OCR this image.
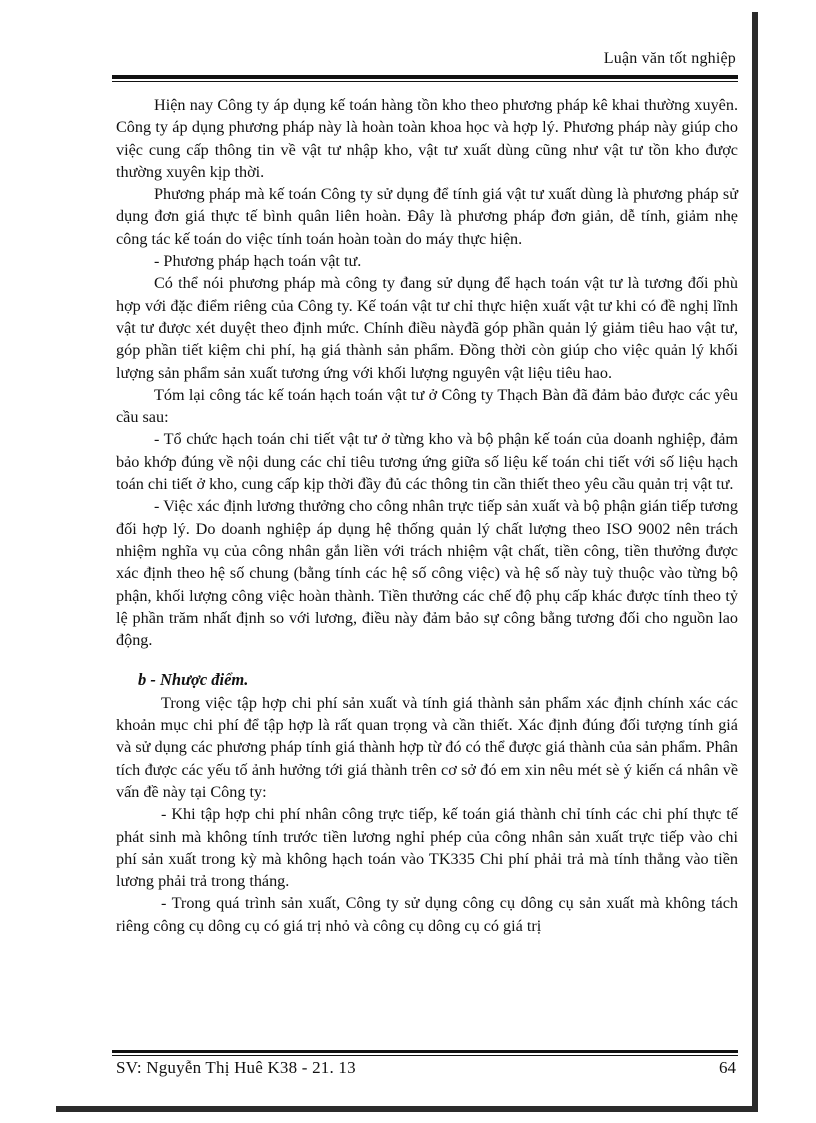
Luận văn tốt nghiệp

Hiện nay Công ty áp dụng kế toán hàng tồn kho theo phương pháp kê khai thường xuyên. Công ty áp dụng phương pháp này là hoàn toàn khoa học và hợp lý. Phương pháp này giúp cho việc cung cấp thông tin về vật tư nhập kho, vật tư xuất dùng cũng như vật tư tồn kho được thường xuyên kịp thời.

Phương pháp mà kế toán Công ty sử dụng để tính giá vật tư xuất dùng là phương pháp sử dụng đơn giá thực tế bình quân liên hoàn. Đây là phương pháp đơn giản, dễ tính, giảm nhẹ công tác kế toán do việc tính toán hoàn toàn do máy thực hiện.

- Phương pháp hạch toán vật tư.

Có thể nói phương pháp mà công ty đang sử dụng để hạch toán vật tư là tương đối phù hợp với đặc điểm riêng của Công ty. Kế toán vật tư chỉ thực hiện xuất vật tư khi có đề nghị lĩnh vật tư được xét duyệt theo định mức. Chính điều nàyđã góp phần quản lý giảm tiêu hao vật tư, góp phần tiết kiệm chi phí, hạ giá thành sản phẩm. Đồng thời còn giúp cho việc quản lý khối lượng sản phẩm sản xuất tương ứng với khối lượng nguyên vật liệu tiêu hao.

Tóm lại công tác kế toán hạch toán vật tư ở Công ty Thạch Bàn đã đảm bảo được các yêu cầu sau:

- Tổ chức hạch toán chi tiết vật tư ở từng kho và bộ phận kế toán của doanh nghiệp, đảm bảo khớp đúng về nội dung các chỉ tiêu tương ứng giữa số liệu kế toán chi tiết với số liệu hạch toán chi tiết ở kho, cung cấp kịp thời đầy đủ các thông tin cần thiết theo yêu cầu quản trị vật tư.

- Việc xác định lương thưởng cho công nhân trực tiếp sản xuất và bộ phận gián tiếp tương đối hợp lý. Do doanh nghiệp áp dụng hệ thống quản lý chất lượng theo ISO 9002 nên trách nhiệm nghĩa vụ của công nhân gắn liền với trách nhiệm vật chất, tiền công, tiền thưởng được xác định theo hệ số chung (bằng tính các hệ số công việc) và hệ số này tuỳ thuộc vào từng bộ phận, khối lượng công việc hoàn thành. Tiền thưởng các chế độ phụ cấp khác được tính theo tỷ lệ phần trăm nhất định so với lương, điều này đảm bảo sự công bằng tương đối cho nguồn lao động.

b - Nhược điểm.

Trong việc tập hợp chi phí sản xuất và tính giá thành sản phẩm xác định chính xác các khoản mục chi phí để tập hợp là rất quan trọng và cần thiết. Xác định đúng đối tượng tính giá và sử dụng các phương pháp tính giá thành hợp từ đó có thể được giá thành của sản phẩm. Phân tích được các yếu tố ảnh hưởng tới giá thành trên cơ sở đó em xin nêu mét sè ý kiến cá nhân về vấn đề này tại Công ty:

- Khi tập hợp chi phí nhân công trực tiếp, kế toán giá thành chỉ tính các chi phí thực tế phát sinh mà không tính trước tiền lương nghỉ phép của công nhân sản xuất trực tiếp vào chi phí sản xuất trong kỳ mà không hạch toán vào TK335 Chi phí phải trả mà tính thẳng vào tiền lương phải trả trong tháng.

- Trong quá trình sản xuất, Công ty sử dụng công cụ dông cụ sản xuất mà không tách riêng công cụ dông cụ có giá trị nhỏ và công cụ dông cụ có giá trị

SV: Nguyễn Thị Huê K38 - 21. 13	64
